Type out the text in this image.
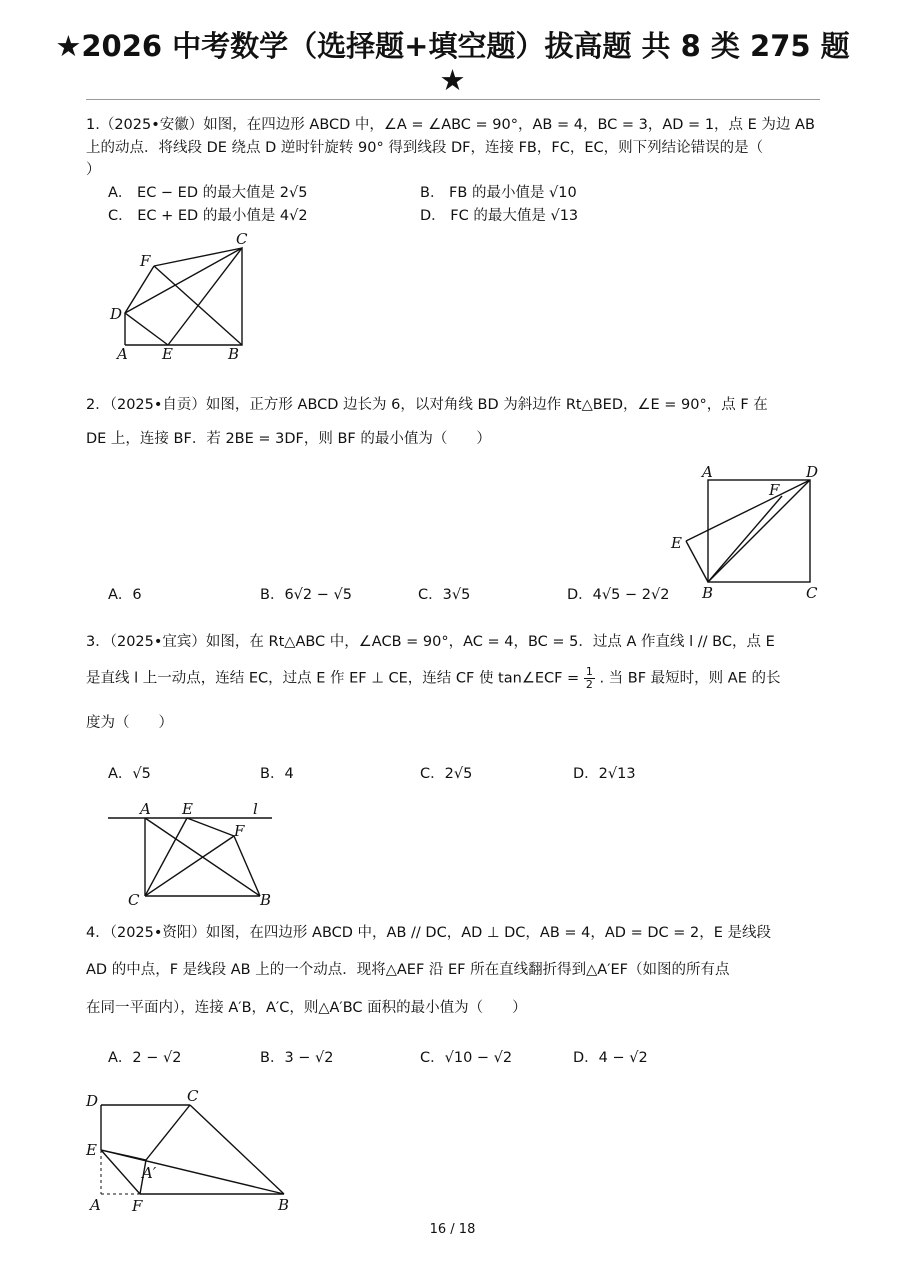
★2026 中考数学（选择题+填空题）拔高题 共 8 类 275 题
★
1.（2025•安徽）如图，在四边形 ABCD 中，∠A = ∠ABC = 90°，AB = 4，BC = 3，AD = 1，点 E 为边 AB
上的动点．将线段 DE 绕点 D 逆时针旋转 90° 得到线段 DF，连接 FB，FC，EC，则下列结论错误的是（
）
A． EC − ED 的最大值是 2√5	B． FB 的最小值是 √10
C． EC + ED 的最小值是 4√2	D． FC 的最大值是 √13
C
F
D
A E	B
2．（2025•自贡）如图，正方形 ABCD 边长为 6，以对角线 BD 为斜边作 Rt△BED，∠E = 90°，点 F 在
DE 上，连接 BF．若 2BE = 3DF，则 BF 的最小值为（　　）
A．6	B．6√2 − √5	C．3√5	D．4√5 − 2√2
A	D
F
E
B	C
3．（2025•宜宾）如图，在 Rt△ABC 中，∠ACB = 90°，AC = 4，BC = 5．过点 A 作直线 l // BC，点 E
是直线 l 上一动点，连结 EC，过点 E 作 EF ⊥ CE，连结 CF 使 tan∠ECF = $\frac{1}{2}$ . 当 BF 最短时，则 AE 的长
度为（　　）
A．√5	B．4	C．2√5	D．2√13
A E	l
F
C	B
4．（2025•资阳）如图，在四边形 ABCD 中，AB // DC，AD ⊥ DC，AB = 4，AD = DC = 2，E 是线段
AD 的中点，F 是线段 AB 上的一个动点．现将△AEF 沿 EF 所在直线翻折得到△A′EF（如图的所有点
在同一平面内），连接 A′B，A′C，则△A′BC 面积的最小值为（　　）
A．2 − √2	B．3 − √2	C．√10 − √2	D．4 − √2
D	C
E
A′
A F	B
16 / 18
